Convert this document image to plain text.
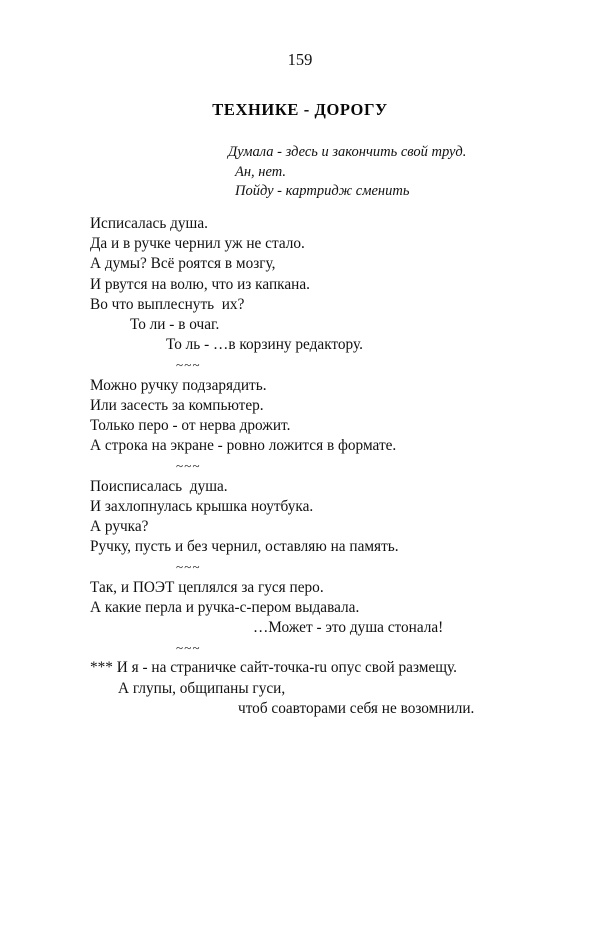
159
ТЕХНИКЕ - ДОРОГУ
Думала - здесь и закончить свой труд.
Ан, нет.
Пойду - картридж сменить
Исписалась душа.
Да и в ручке чернил уж не стало.
А думы? Всё роятся в мозгу,
И рвутся на волю, что из капкана.
Во что выплеснуть  их?
То ли - в очаг.
То ль - …в корзину редактору.
~~~
Можно ручку подзарядить.
Или засесть за компьютер.
Только перо - от нерва дрожит.
А строка на экране - ровно ложится в формате.
~~~
Поисписалась  душа.
И захлопнулась крышка ноутбука.
А ручка?
Ручку, пусть и без чернил, оставляю на память.
~~~
Так, и ПОЭТ цеплялся за гуся перо.
А какие перла и ручка-с-пером выдавала.
…Может - это душа стонала!
~~~
*** И я - на страничке сайт-точка-ru опус свой размещу.
А глупы, общипаны гуси,
чтоб соавторами себя не возомнили.
